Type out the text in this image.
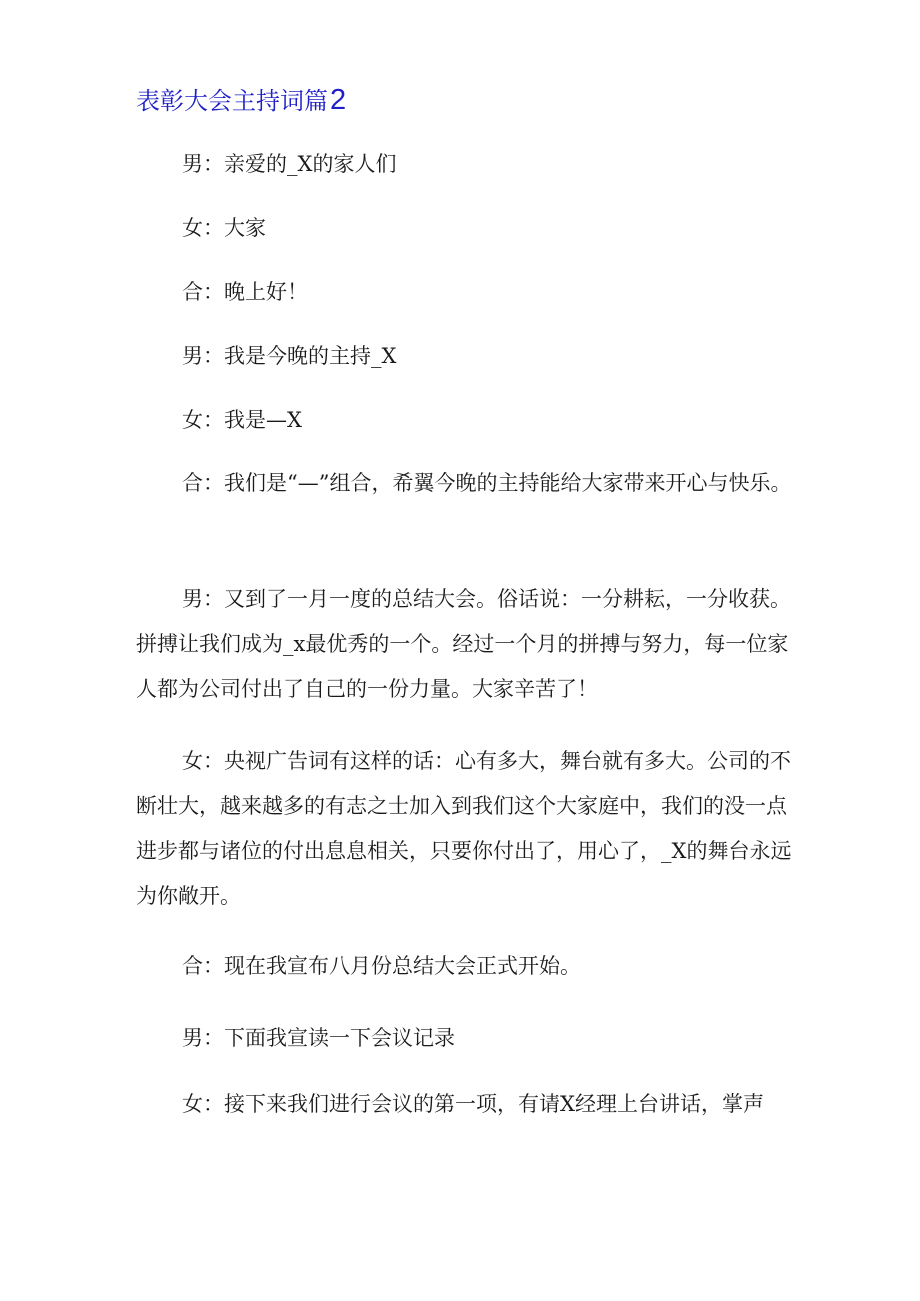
表彰大会主持词篇2

男：亲爱的_X的家人们

女：大家

合：晚上好！

男：我是今晚的主持_X

女：我是—X

合：我们是“—”组合，希翼今晚的主持能给大家带来开心与快乐。

男：又到了一月一度的总结大会。俗话说：一分耕耘，一分收获。拼搏让我们成为_x最优秀的一个。经过一个月的拼搏与努力，每一位家人都为公司付出了自己的一份力量。大家辛苦了！

女：央视广告词有这样的话：心有多大，舞台就有多大。公司的不断壮大，越来越多的有志之士加入到我们这个大家庭中，我们的没一点进步都与诸位的付出息息相关，只要你付出了，用心了，_X的舞台永远为你敞开。

合：现在我宣布八月份总结大会正式开始。

男：下面我宣读一下会议记录

女：接下来我们进行会议的第一项，有请X经理上台讲话，掌声
